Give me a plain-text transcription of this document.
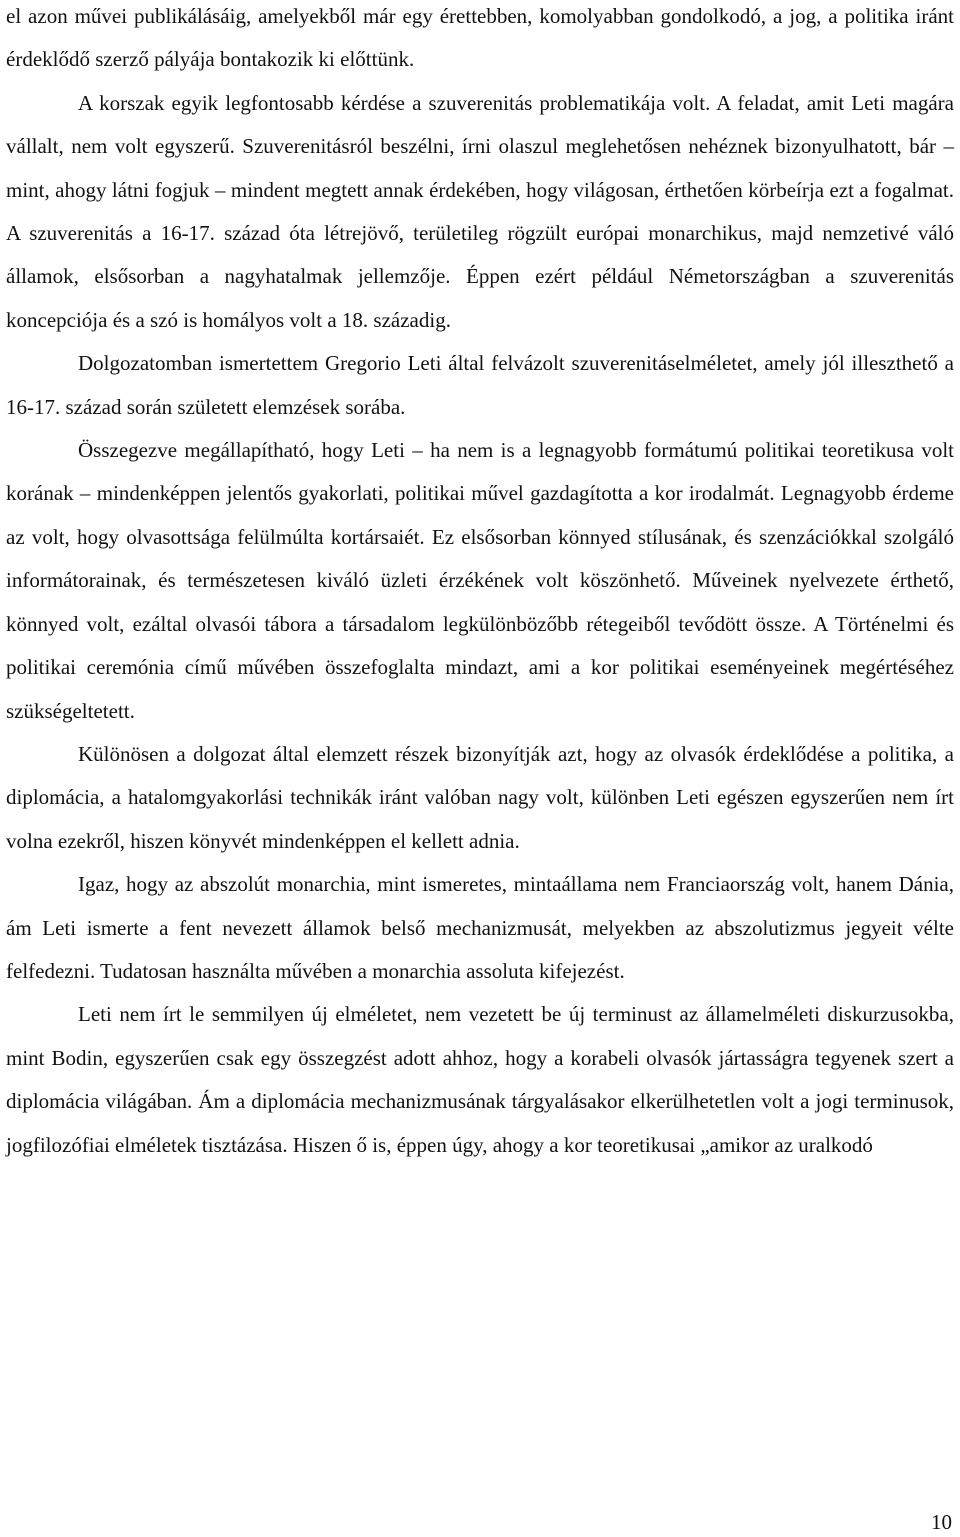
el azon művei publikálásáig, amelyekből már egy érettebben, komolyabban gondolkodó, a jog, a politika iránt érdeklődő szerző pályája bontakozik ki előttünk.

A korszak egyik legfontosabb kérdése a szuverenitás problematikája volt. A feladat, amit Leti magára vállalt, nem volt egyszerű. Szuverenitásról beszélni, írni olaszul meglehetősen nehéznek bizonyulhatott, bár – mint, ahogy látni fogjuk – mindent megtett annak érdekében, hogy világosan, érthetően körbeírja ezt a fogalmat. A szuverenitás a 16-17. század óta létrejövő, területileg rögzült európai monarchikus, majd nemzetivé váló államok, elsősorban a nagyhatalmak jellemzője. Éppen ezért például Németországban a szuverenitás koncepciója és a szó is homályos volt a 18. századig.

Dolgozatomban ismertettem Gregorio Leti által felvázolt szuverenitáselméletet, amely jól illeszthető a 16-17. század során született elemzések sorába.

Összegezve megállapítható, hogy Leti – ha nem is a legnagyobb formátumú politikai teoretikusa volt korának – mindenképpen jelentős gyakorlati, politikai művel gazdagította a kor irodalmát. Legnagyobb érdeme az volt, hogy olvasottsága felülmúlta kortársaiét. Ez elsősorban könnyed stílusának, és szenzációkkal szolgáló informátorainak, és természetesen kiváló üzleti érzékének volt köszönhető. Műveinek nyelvezete érthető, könnyed volt, ezáltal olvasói tábora a társadalom legkülönbözőbb rétegeiből tevődött össze. A Történelmi és politikai ceremónia című művében összefoglalta mindazt, ami a kor politikai eseményeinek megértéséhez szükségeltetett.

Különösen a dolgozat által elemzett részek bizonyítják azt, hogy az olvasók érdeklődése a politika, a diplomácia, a hatalomgyakorlási technikák iránt valóban nagy volt, különben Leti egészen egyszerűen nem írt volna ezekről, hiszen könyvét mindenképpen el kellett adnia.

Igaz, hogy az abszolút monarchia, mint ismeretes, mintaállama nem Franciaország volt, hanem Dánia, ám Leti ismerte a fent nevezett államok belső mechanizmusát, melyekben az abszolutizmus jegyeit vélte felfedezni. Tudatosan használta művében a monarchia assoluta kifejezést.

Leti nem írt le semmilyen új elméletet, nem vezetett be új terminust az államelméleti diskurzusokba, mint Bodin, egyszerűen csak egy összegzést adott ahhoz, hogy a korabeli olvasók jártasságra tegyenek szert a diplomácia világában. Ám a diplomácia mechanizmusának tárgyalásakor elkerülhetetlen volt a jogi terminusok, jogfilozófiai elméletek tisztázása. Hiszen ő is, éppen úgy, ahogy a kor teoretikusai „amikor az uralkodó

10
